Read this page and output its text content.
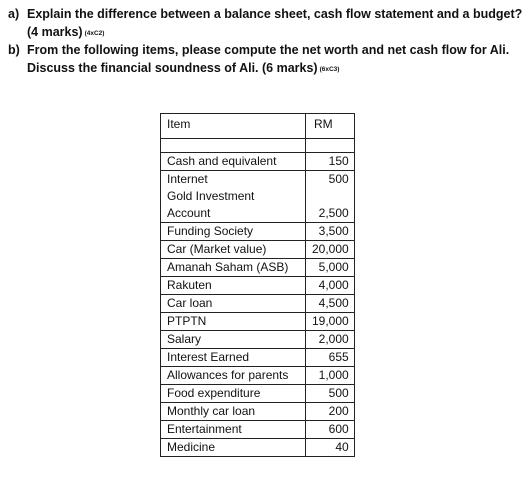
a) Explain the difference between a balance sheet, cash flow statement and a budget? (4 marks) (4xC2)
b) From the following items, please compute the net worth and net cash flow for Ali. Discuss the financial soundness of Ali. (6 marks) (6xC3)
Item	RM

Cash and equivalent	150
Internet	500
Gold Investment	
Account	2,500
Funding Society	3,500
Car (Market value)	20,000
Amanah Saham (ASB)	5,000
Rakuten	4,000
Car loan	4,500
PTPTN	19,000
Salary	2,000
Interest Earned	655
Allowances for parents	1,000
Food expenditure	500
Monthly car loan	200
Entertainment	600
Medicine	40
